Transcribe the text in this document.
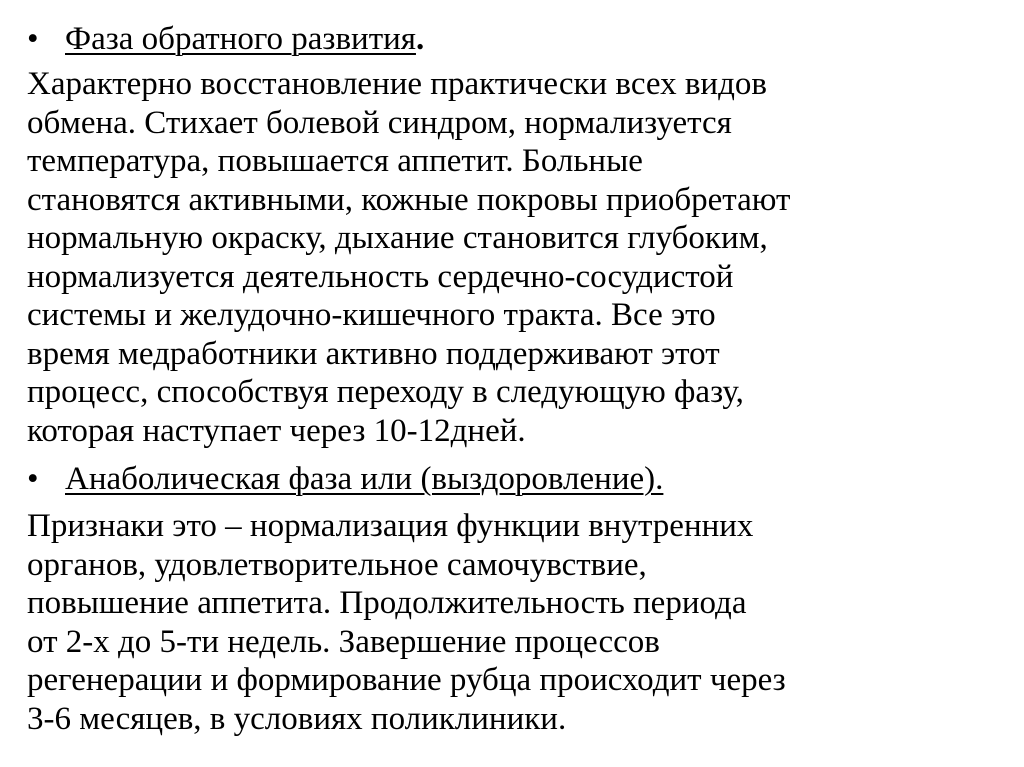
• Фаза обратного развития.
Характерно восстановление практически всех видов
обмена. Стихает болевой синдром, нормализуется
температура, повышается аппетит. Больные
становятся активными, кожные покровы приобретают
нормальную окраску, дыхание становится глубоким,
нормализуется деятельность сердечно-сосудистой
системы и желудочно-кишечного тракта. Все это
время медработники активно поддерживают этот
процесс, способствуя переходу в следующую фазу,
которая наступает через 10-12дней.
• Анаболическая фаза или (выздоровление).
Признаки это – нормализация функции внутренних
органов, удовлетворительное самочувствие,
повышение аппетита. Продолжительность периода
от 2-х до 5-ти недель. Завершение процессов
регенерации и формирование рубца происходит через
3-6 месяцев, в условиях поликлиники.
